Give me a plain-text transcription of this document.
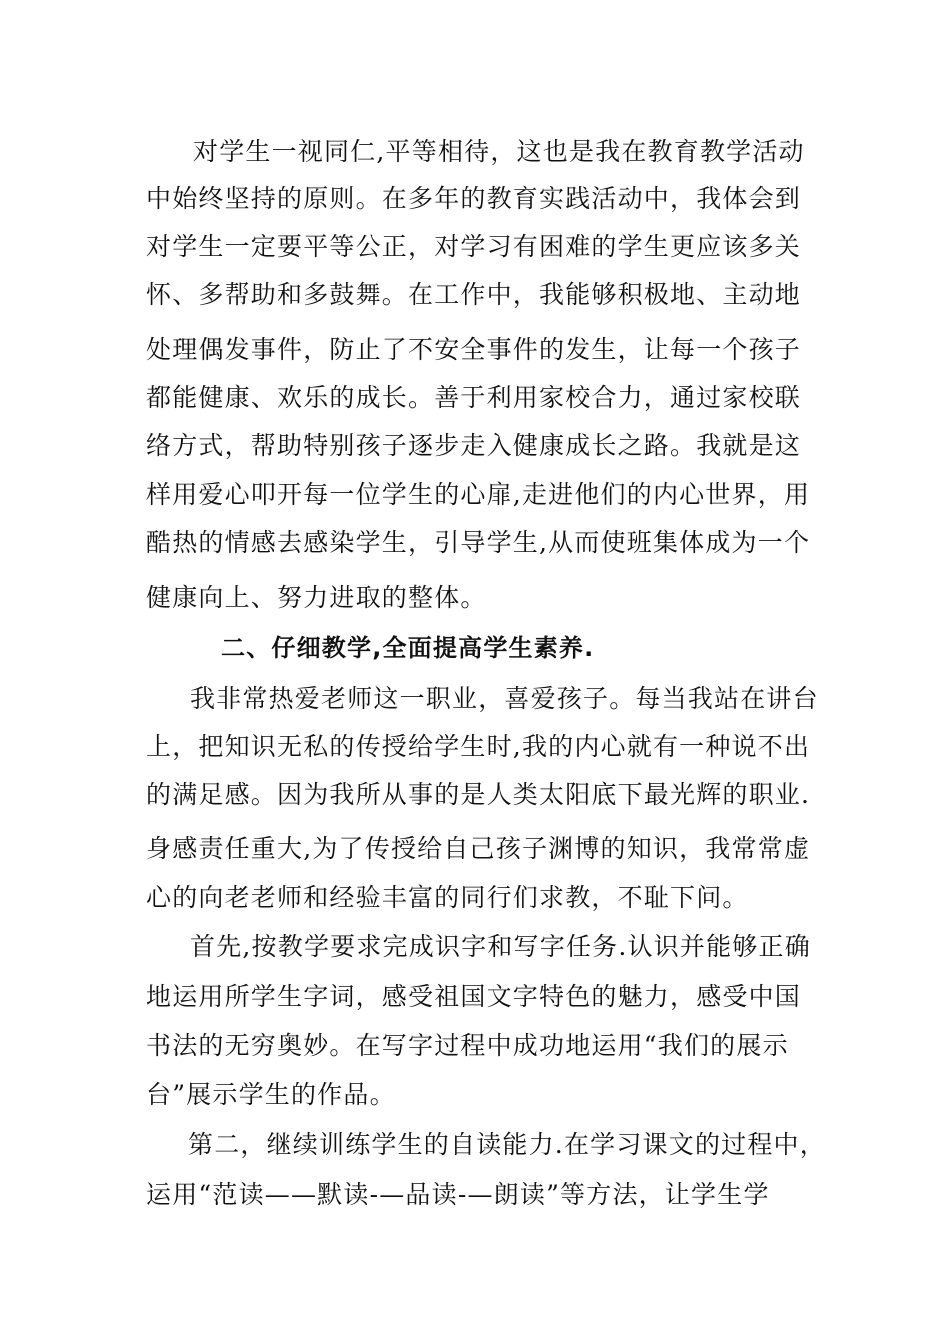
对学生一视同仁,平等相待，这也是我在教育教学活动
中始终坚持的原则。在多年的教育实践活动中，我体会到
对学生一定要平等公正，对学习有困难的学生更应该多关
怀、多帮助和多鼓舞。在工作中，我能够积极地、主动地
处理偶发事件，防止了不安全事件的发生，让每一个孩子
都能健康、欢乐的成长。善于利用家校合力，通过家校联
络方式，帮助特别孩子逐步走入健康成长之路。我就是这
样用爱心叩开每一位学生的心扉,走进他们的内心世界，用
酷热的情感去感染学生，引导学生,从而使班集体成为一个
健康向上、努力进取的整体。
二、仔细教学,全面提高学生素养.
我非常热爱老师这一职业，喜爱孩子。每当我站在讲台
上，把知识无私的传授给学生时,我的内心就有一种说不出
的满足感。因为我所从事的是人类太阳底下最光辉的职业.
身感责任重大,为了传授给自己孩子渊博的知识，我常常虚
心的向老老师和经验丰富的同行们求教，不耻下问。
首先,按教学要求完成识字和写字任务.认识并能够正确
地运用所学生字词，感受祖国文字特色的魅力，感受中国
书法的无穷奥妙。在写字过程中成功地运用“我们的展示
台”展示学生的作品。
第二，继续训练学生的自读能力.在学习课文的过程中，
运用“范读——默读-—品读-—朗读”等方法，让学生学
